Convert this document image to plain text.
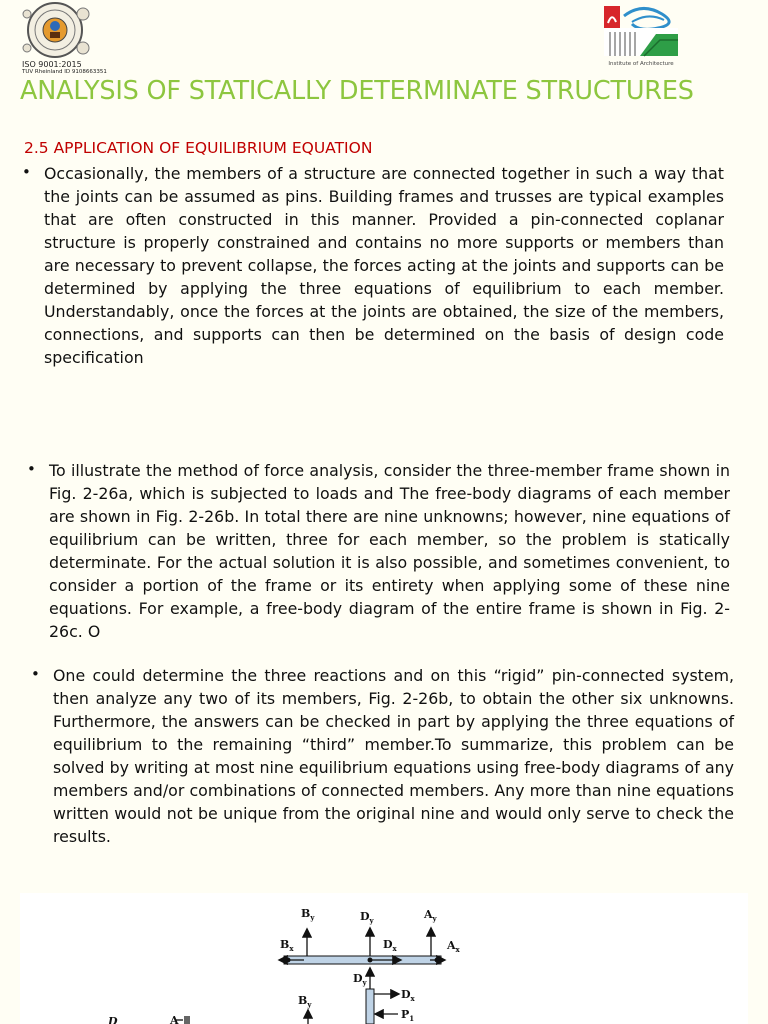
ISO 9001:2015
TUV Rheinland ID 9108663351
Institute of Architecture
ANALYSIS OF STATICALLY DETERMINATE STRUCTURES
2.5 APPLICATION OF EQUILIBRIUM EQUATION
• Occasionally, the members of a structure are connected together in such a way that the joints can be assumed as pins. Building frames and trusses are typical examples that are often constructed in this manner. Provided a pin-connected coplanar structure is properly constrained and contains no more supports or members than are necessary to prevent collapse, the forces acting at the joints and supports can be determined by applying the three equations of equilibrium to each member. Understandably, once the forces at the joints are obtained, the size of the members, connections, and supports can then be determined on the basis of design code specification

• To illustrate the method of force analysis, consider the three-member frame shown in Fig. 2-26a, which is subjected to loads and The free-body diagrams of each member are shown in Fig. 2-26b. In total there are nine unknowns; however, nine equations of equilibrium can be written, three for each member, so the problem is statically determinate. For the actual solution it is also possible, and sometimes convenient, to consider a portion of the frame or its entirety when applying some of these nine equations. For example, a free-body diagram of the entire frame is shown in Fig. 2-26c. O

• One could determine the three reactions and on this “rigid” pin-connected system, then analyze any two of its members, Fig. 2-26b, to obtain the other six unknowns. Furthermore, the answers can be checked in part by applying the three equations of equilibrium to the remaining “third” member.To summarize, this problem can be solved by writing at most nine equilibrium equations using free-body diagrams of any members and/or combinations of connected members. Any more than nine equations written would not be unique from the original nine and would only serve to check the results.

$B_y$	$D_y$	$A_y$
$B_x$	$D_x$	$A_x$
$D_y$
$D_x$
$P_1$
$B_y$
D	A
